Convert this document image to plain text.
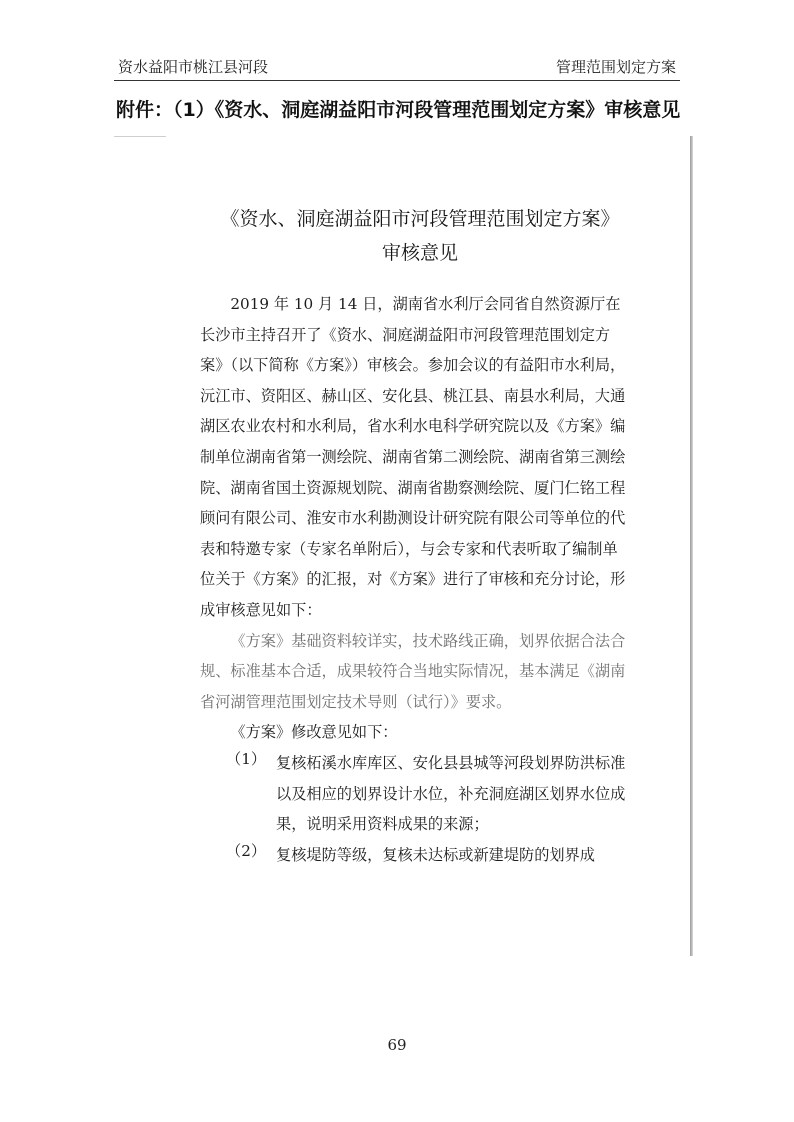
资水益阳市桃江县河段	管理范围划定方案
附件：（1）《资水、洞庭湖益阳市河段管理范围划定方案》审核意见
《资水、洞庭湖益阳市河段管理范围划定方案》
审核意见

2019 年 10 月 14 日，湖南省水利厅会同省自然资源厅在长沙市主持召开了《资水、洞庭湖益阳市河段管理范围划定方案》（以下简称《方案》）审核会。参加会议的有益阳市水利局，沅江市、资阳区、赫山区、安化县、桃江县、南县水利局，大通湖区农业农村和水利局，省水利水电科学研究院以及《方案》编制单位湖南省第一测绘院、湖南省第二测绘院、湖南省第三测绘院、湖南省国土资源规划院、湖南省勘察测绘院、厦门仁铭工程顾问有限公司、淮安市水利勘测设计研究院有限公司等单位的代表和特邀专家（专家名单附后），与会专家和代表听取了编制单位关于《方案》的汇报，对《方案》进行了审核和充分讨论，形成审核意见如下：

《方案》基础资料较详实，技术路线正确，划界依据合法合规、标准基本合适，成果较符合当地实际情况，基本满足《湖南省河湖管理范围划定技术导则（试行）》要求。

《方案》修改意见如下：

（1） 复核柘溪水库库区、安化县县城等河段划界防洪标准以及相应的划界设计水位，补充洞庭湖区划界水位成果，说明采用资料成果的来源；

（2） 复核堤防等级，复核未达标或新建堤防的划界成

69
